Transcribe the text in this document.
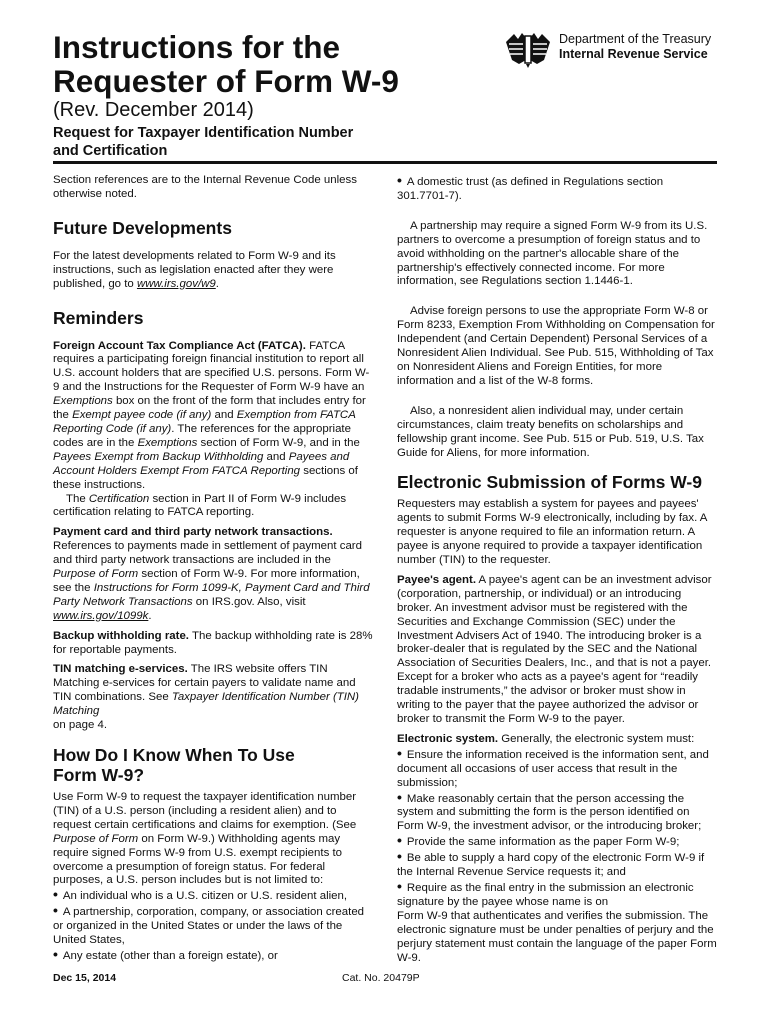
Instructions for the
Requester of Form W-9
(Rev. December 2014)
Request for Taxpayer Identification Number
and Certification
Department of the Treasury
Internal Revenue Service

Section references are to the Internal Revenue Code unless otherwise noted.

Future Developments

For the latest developments related to Form W-9 and its instructions, such as legislation enacted after they were published, go to www.irs.gov/w9.

Reminders

Foreign Account Tax Compliance Act (FATCA). FATCA requires a participating foreign financial institution to report all U.S. account holders that are specified U.S. persons. Form W-9 and the Instructions for the Requester of Form W-9 have an Exemptions box on the front of the form that includes entry for the Exempt payee code (if any) and Exemption from FATCA Reporting Code (if any). The references for the appropriate codes are in the Exemptions section of Form W-9, and in the Payees Exempt from Backup Withholding and Payees and Account Holders Exempt From FATCA Reporting sections of these instructions.

The Certification section in Part II of Form W-9 includes certification relating to FATCA reporting.

Payment card and third party network transactions. References to payments made in settlement of payment card and third party network transactions are included in the Purpose of Form section of Form W-9. For more information, see the Instructions for Form 1099-K, Payment Card and Third Party Network Transactions on IRS.gov. Also, visit www.irs.gov/1099k.

Backup withholding rate. The backup withholding rate is 28% for reportable payments.

TIN matching e-services. The IRS website offers TIN Matching e-services for certain payers to validate name and TIN combinations. See Taxpayer Identification Number (TIN) Matching
on page 4.

How Do I Know When To Use
Form W-9?

Use Form W-9 to request the taxpayer identification number (TIN) of a U.S. person (including a resident alien) and to request certain certifications and claims for exemption. (See Purpose of Form on Form W-9.) Withholding agents may require signed Forms W-9 from U.S. exempt recipients to overcome a presumption of foreign status. For federal purposes, a U.S. person includes but is not limited to:

• An individual who is a U.S. citizen or U.S. resident alien,

• A partnership, corporation, company, or association created or organized in the United States or under the laws of the United States,

• Any estate (other than a foreign estate), or

• A domestic trust (as defined in Regulations section 301.7701-7).

A partnership may require a signed Form W-9 from its U.S. partners to overcome a presumption of foreign status and to avoid withholding on the partner's allocable share of the partnership's effectively connected income. For more information, see Regulations section 1.1446-1.

Advise foreign persons to use the appropriate Form W-8 or Form 8233, Exemption From Withholding on Compensation for Independent (and Certain Dependent) Personal Services of a Nonresident Alien Individual. See Pub. 515, Withholding of Tax on Nonresident Aliens and Foreign Entities, for more information and a list of the W-8 forms.

Also, a nonresident alien individual may, under certain circumstances, claim treaty benefits on scholarships and fellowship grant income. See Pub. 515 or Pub. 519, U.S. Tax Guide for Aliens, for more information.

Electronic Submission of Forms W-9

Requesters may establish a system for payees and payees' agents to submit Forms W-9 electronically, including by fax. A requester is anyone required to file an information return. A payee is anyone required to provide a taxpayer identification number (TIN) to the requester.

Payee's agent. A payee's agent can be an investment advisor (corporation, partnership, or individual) or an introducing broker. An investment advisor must be registered with the Securities and Exchange Commission (SEC) under the Investment Advisers Act of 1940. The introducing broker is a broker-dealer that is regulated by the SEC and the National Association of Securities Dealers, Inc., and that is not a payer. Except for a broker who acts as a payee's agent for “readily tradable instruments,” the advisor or broker must show in writing to the payer that the payee authorized the advisor or broker to transmit the Form W-9 to the payer.

Electronic system. Generally, the electronic system must:

• Ensure the information received is the information sent, and document all occasions of user access that result in the submission;

• Make reasonably certain that the person accessing the system and submitting the form is the person identified on Form W-9, the investment advisor, or the introducing broker;

• Provide the same information as the paper Form W-9;

• Be able to supply a hard copy of the electronic Form W-9 if the Internal Revenue Service requests it; and

• Require as the final entry in the submission an electronic signature by the payee whose name is on

Form W-9 that authenticates and verifies the submission. The electronic signature must be under penalties of perjury and the perjury statement must contain the language of the paper Form W-9.

Dec 15, 2014	Cat. No. 20479P
